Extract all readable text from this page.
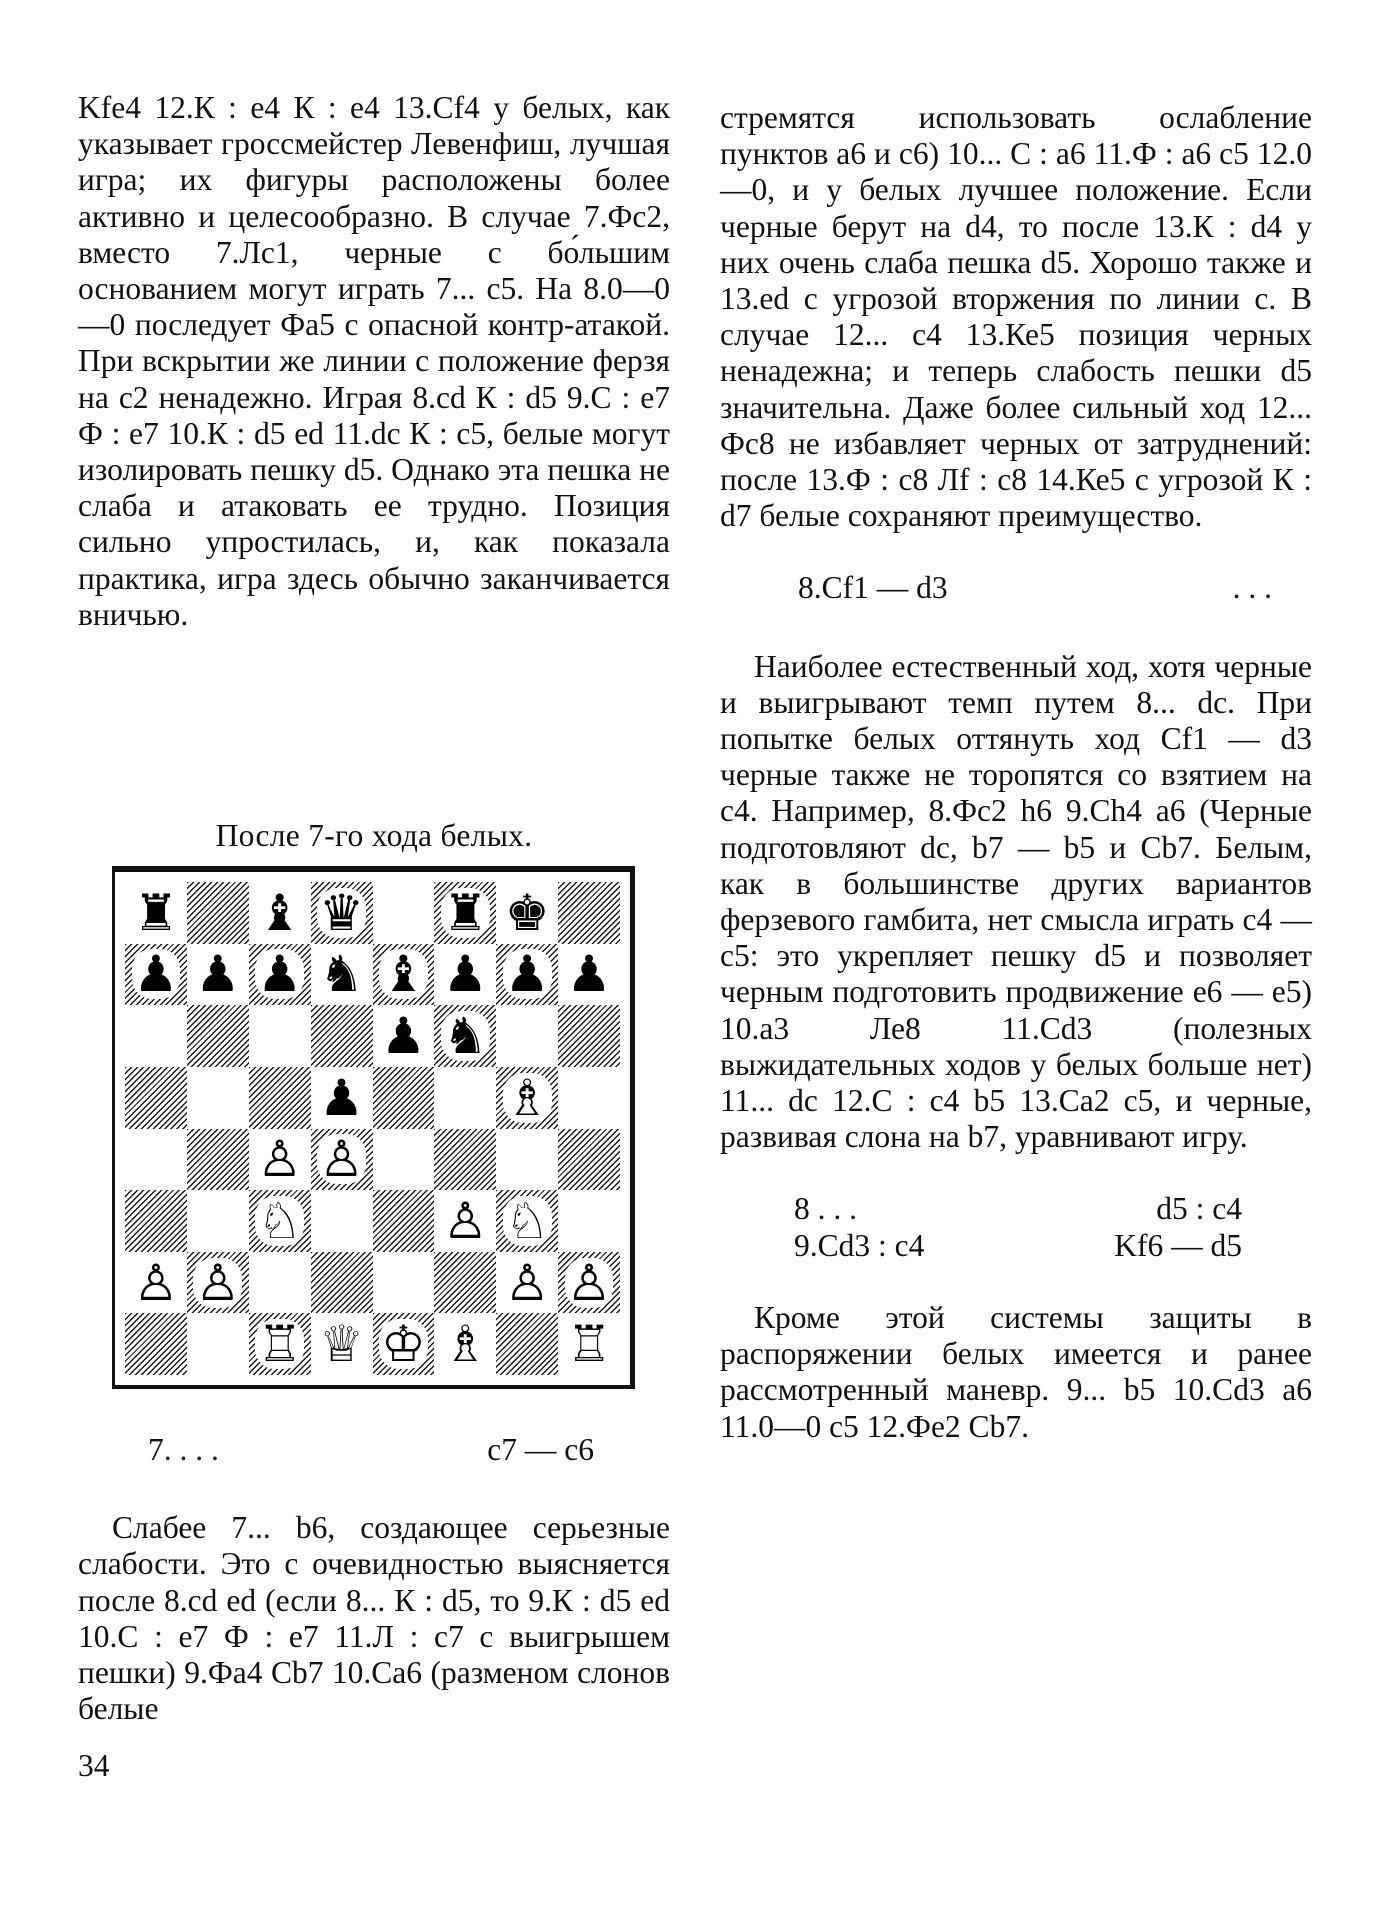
Kfe4 12.К : e4 К : e4 13.Cf4 у белых, как указывает гроссмейстер Левенфиш, лучшая игра; их фигуры расположены более активно и целесообразно. В случае 7.Фс2, вместо 7.Лс1, черные с бо́льшим основанием могут играть 7... с5. На 8.0—0—0 последует Фа5 с опасной контр-атакой. При вскрытии же линии с положение ферзя на с2 ненадежно. Играя 8.cd К : d5 9.С : e7 Ф : e7 10.К : d5 ed 11.dc К : с5, белые могут изолировать пешку d5. Однако эта пешка не слаба и атаковать ее трудно. Позиция сильно упростилась, и, как показала практика, игра здесь обычно заканчивается вничью.

После 7-го хода белых.
♜ ♝ ♛ ♜ ♚
♟ ♟ ♟ ♞ ♝ ♟ ♟ ♟
♟ ♞
♟	♗
♙ ♙
♘	♙ ♘
♙ ♙	♙ ♙
♖ ♕ ♔ ♗ ♖
7. . . .	c7 — c6

Слабее 7... b6, создающее серьезные слабости. Это с очевидностью выясняется после 8.cd ed (если 8... К : d5, то 9.К : d5 ed 10.С : e7 Ф : e7 11.Л : c7 с выигрышем пешки) 9.Фа4 Cb7 10.Са6 (разменом слонов белые

стремятся использовать ослабление пунктов а6 и с6) 10... С : а6 11.Ф : а6 с5 12.0—0, и у белых лучшее положение. Если черные берут на d4, то после 13.К : d4 у них очень слаба пешка d5. Хорошо также и 13.ed с угрозой вторжения по линии с. В случае 12... с4 13.Ке5 позиция черных ненадежна; и теперь слабость пешки d5 значительна. Даже более сильный ход 12... Фс8 не избавляет черных от затруднений: после 13.Ф : с8 Лf : c8 14.Ке5 с угрозой К : d7 белые сохраняют преимущество.

8.Cf1 — d3	. . .

Наиболее естественный ход, хотя черные и выигрывают темп путем 8... dc. При попытке белых оттянуть ход Cf1 — d3 черные также не торопятся со взятием на с4. Например, 8.Фс2 h6 9.Ch4 а6 (Черные подготовляют dc, b7 — b5 и Cb7. Белым, как в большинстве других вариантов ферзевого гамбита, нет смысла играть с4 — с5: это укрепляет пешку d5 и позволяет черным подготовить продвижение е6 — е5) 10.а3 Ле8 11.Cd3 (полезных выжидательных ходов у белых больше нет) 11... dc 12.С : с4 b5 13.Са2 с5, и черные, развивая слона на b7, уравнивают игру.

8 . . .	d5 : c4
9.Cd3 : c4	Kf6 — d5

Кроме этой системы защиты в распоряжении белых имеется и ранее рассмотренный маневр. 9... b5 10.Cd3 а6 11.0—0 с5 12.Фе2 Cb7.

34
